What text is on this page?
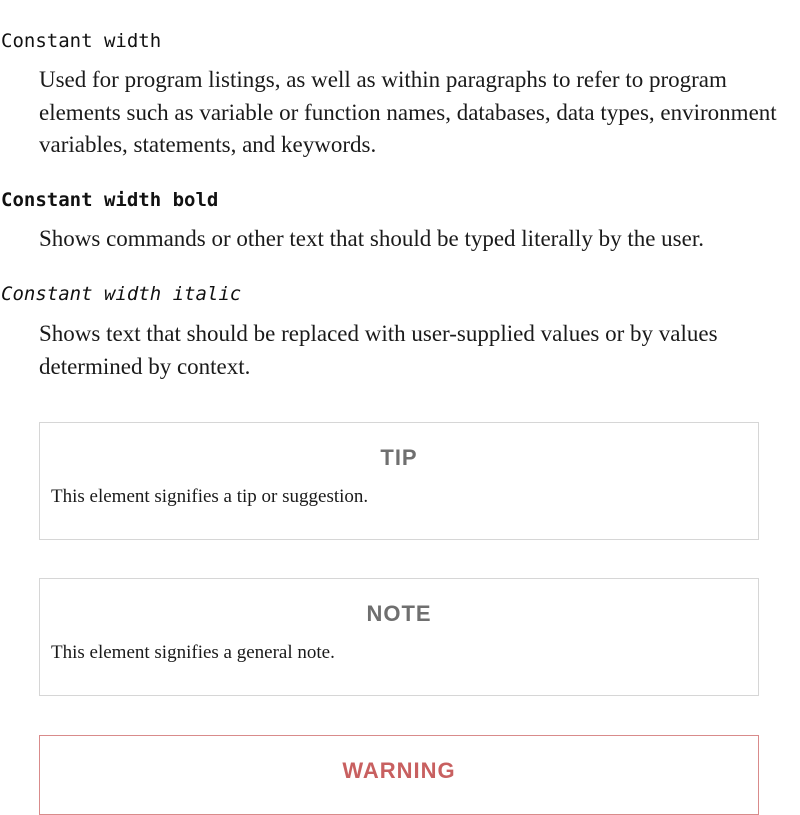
Constant width
Used for program listings, as well as within paragraphs to refer to program elements such as variable or function names, databases, data types, environment variables, statements, and keywords.
Constant width bold
Shows commands or other text that should be typed literally by the user.
Constant width italic
Shows text that should be replaced with user-supplied values or by values determined by context.
TIP
This element signifies a tip or suggestion.
NOTE
This element signifies a general note.
WARNING
